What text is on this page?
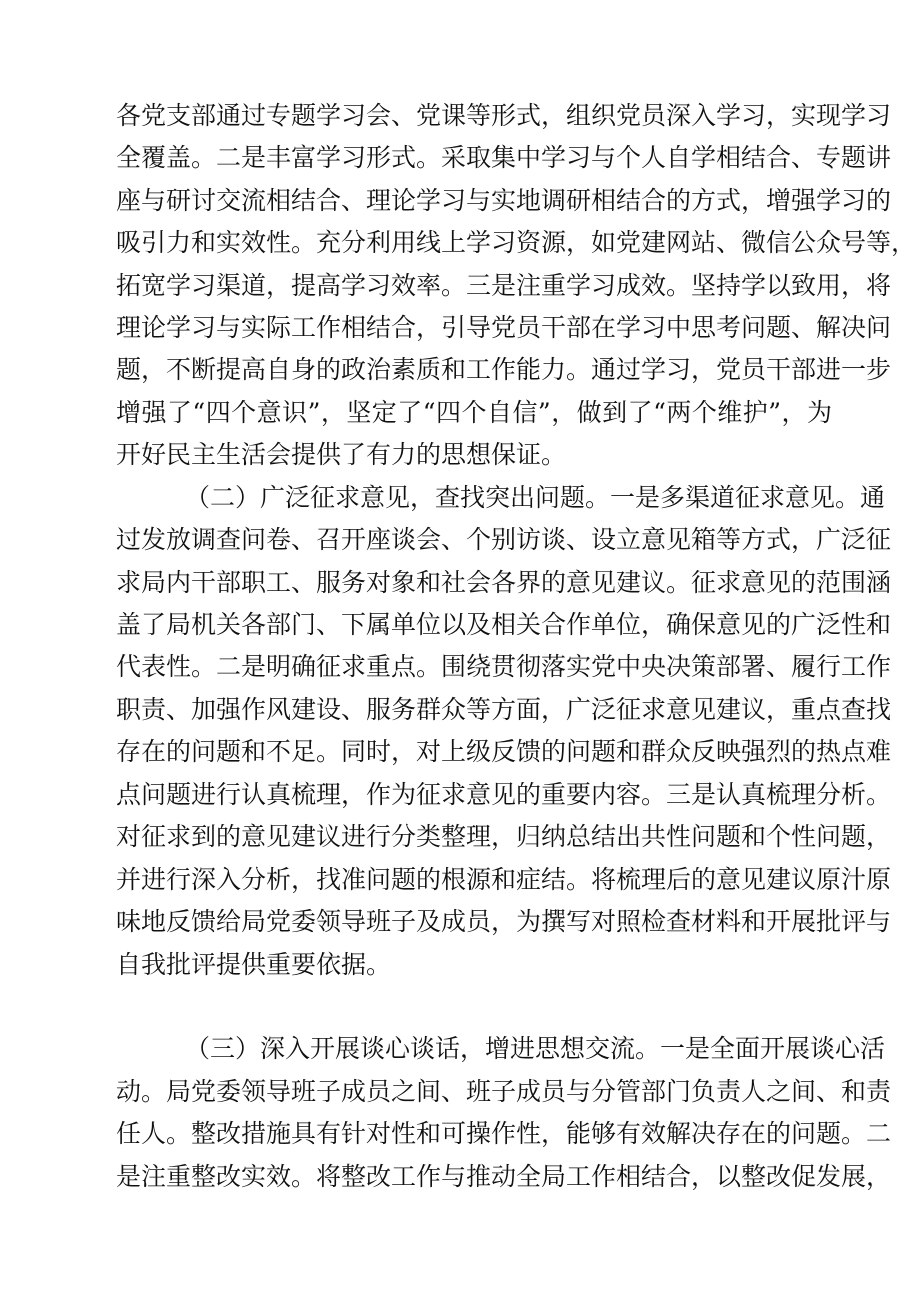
各党支部通过专题学习会、党课等形式，组织党员深入学习，实现学习
全覆盖。二是丰富学习形式。采取集中学习与个人自学相结合、专题讲
座与研讨交流相结合、理论学习与实地调研相结合的方式，增强学习的
吸引力和实效性。充分利用线上学习资源，如党建网站、微信公众号等，
拓宽学习渠道，提高学习效率。三是注重学习成效。坚持学以致用，将
理论学习与实际工作相结合，引导党员干部在学习中思考问题、解决问
题，不断提高自身的政治素质和工作能力。通过学习，党员干部进一步
增强了“四个意识”，坚定了“四个自信”，做到了“两个维护”，为
开好民主生活会提供了有力的思想保证。
（二）广泛征求意见，查找突出问题。一是多渠道征求意见。通
过发放调查问卷、召开座谈会、个别访谈、设立意见箱等方式，广泛征
求局内干部职工、服务对象和社会各界的意见建议。征求意见的范围涵
盖了局机关各部门、下属单位以及相关合作单位，确保意见的广泛性和
代表性。二是明确征求重点。围绕贯彻落实党中央决策部署、履行工作
职责、加强作风建设、服务群众等方面，广泛征求意见建议，重点查找
存在的问题和不足。同时，对上级反馈的问题和群众反映强烈的热点难
点问题进行认真梳理，作为征求意见的重要内容。三是认真梳理分析。
对征求到的意见建议进行分类整理，归纳总结出共性问题和个性问题，
并进行深入分析，找准问题的根源和症结。将梳理后的意见建议原汁原
味地反馈给局党委领导班子及成员，为撰写对照检查材料和开展批评与
自我批评提供重要依据。
（三）深入开展谈心谈话，增进思想交流。一是全面开展谈心活
动。局党委领导班子成员之间、班子成员与分管部门负责人之间、和责
任人。整改措施具有针对性和可操作性，能够有效解决存在的问题。二
是注重整改实效。将整改工作与推动全局工作相结合，以整改促发展，
